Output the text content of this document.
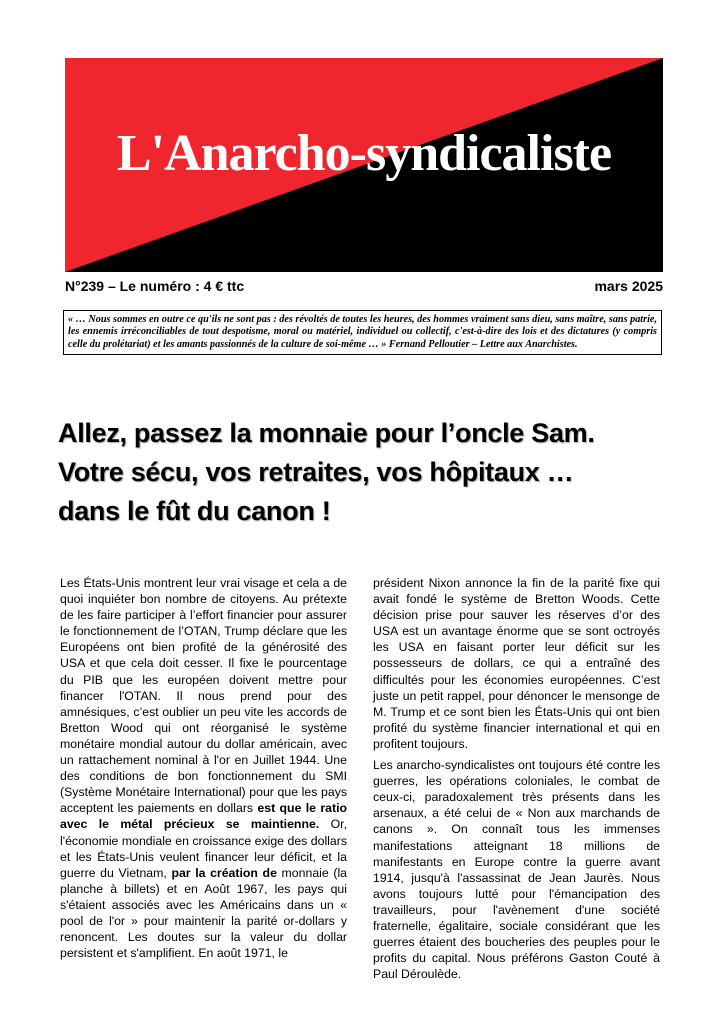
L'Anarcho-syndicaliste
N°239 – Le numéro : 4 € ttc	mars 2025
« … Nous sommes en outre ce qu'ils ne sont pas : des révoltés de toutes les heures, des hommes vraiment sans dieu, sans maître, sans patrie, les ennemis irréconciliables de tout despotisme, moral ou matériel, individuel ou collectif, c'est-à-dire des lois et des dictatures (y compris celle du prolétariat) et les amants passionnés de la culture de soi-même … » Fernand Pelloutier – Lettre aux Anarchistes.
Allez, passez la monnaie pour l’oncle Sam.
Votre sécu, vos retraites, vos hôpitaux …
dans le fût du canon !

Les États-Unis montrent leur vrai visage et cela a de quoi inquiéter bon nombre de citoyens. Au prétexte de les faire participer à l’effort financier pour assurer le fonctionnement de l’OTAN, Trump déclare que les Européens ont bien profité de la générosité des USA et que cela doit cesser. Il fixe le pourcentage du PIB que les européen doivent mettre pour financer l'OTAN. Il nous prend pour des amnésiques, c’est oublier un peu vite les accords de Bretton Wood qui ont réorganisé le système monétaire mondial autour du dollar américain, avec un rattachement nominal à l'or en Juillet 1944. Une des conditions de bon fonctionnement du SMI (Système Monétaire International) pour que les pays acceptent les paiements en dollars est que le ratio avec le métal précieux se maintienne. Or, l'économie mondiale en croissance exige des dollars et les États-Unis veulent financer leur déficit, et la guerre du Vietnam, par la création de monnaie (la planche à billets) et en Août 1967, les pays qui s'étaient associés avec les Américains dans un « pool de l'or » pour maintenir la parité or-dollars y renoncent. Les doutes sur la valeur du dollar persistent et s'amplifient. En août 1971, le

président Nixon annonce la fin de la parité fixe qui avait fondé le système de Bretton Woods. Cette décision prise pour sauver les réserves d’or des USA est un avantage énorme que se sont octroyés les USA en faisant porter leur déficit sur les possesseurs de dollars, ce qui a entraîné des difficultés pour les économies européennes. C’est juste un petit rappel, pour dénoncer le mensonge de M. Trump et ce sont bien les États-Unis qui ont bien profité du système financier international et qui en profitent toujours.

Les anarcho-syndicalistes ont toujours été contre les guerres, les opérations coloniales, le combat de ceux-ci, paradoxalement très présents dans les arsenaux, a été celui de « Non aux marchands de canons ». On connaît tous les immenses manifestations atteignant 18 millions de manifestants en Europe contre la guerre avant 1914, jusqu'à l'assassinat de Jean Jaurès. Nous avons toujours lutté pour l'émancipation des travailleurs, pour l'avènement d'une société fraternelle, égalitaire, sociale considérant que les guerres étaient des boucheries des peuples pour le profits du capital. Nous préférons Gaston Couté à Paul Déroulède.
